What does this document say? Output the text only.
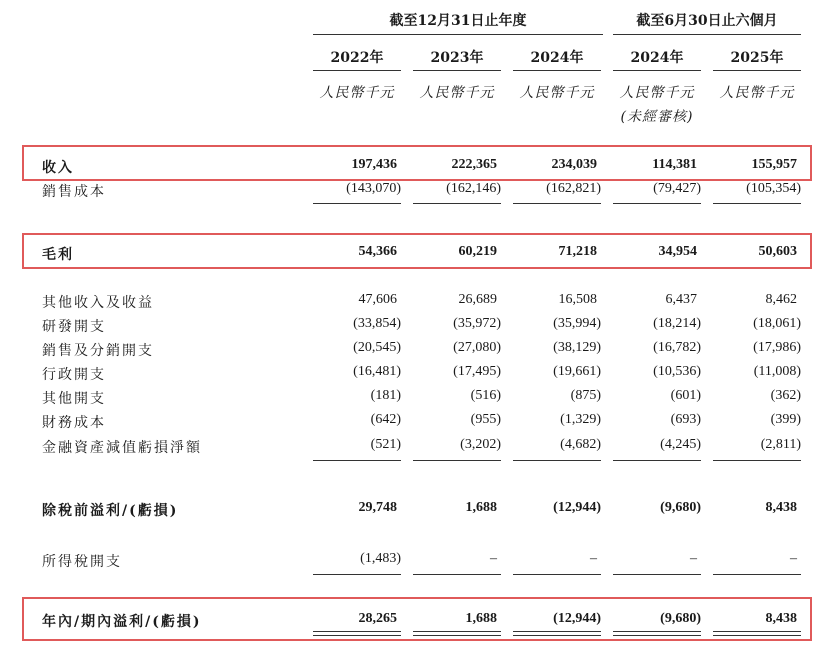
截至12月31日止年度	截至6月30日止六個月
2022年	2023年	2024年	2024年	2025年
人民幣千元	人民幣千元	人民幣千元	人民幣千元	人民幣千元
(未經審核)
收入	197,436	222,365	234,039	114,381	155,957
銷售成本	(143,070)	(162,146)	(162,821)	(79,427)	(105,354)
毛利	54,366	60,219	71,218	34,954	50,603
其他收入及收益	47,606	26,689	16,508	6,437	8,462
研發開支	(33,854)	(35,972)	(35,994)	(18,214)	(18,061)
銷售及分銷開支	(20,545)	(27,080)	(38,129)	(16,782)	(17,986)
行政開支	(16,481)	(17,495)	(19,661)	(10,536)	(11,008)
其他開支	(181)	(516)	(875)	(601)	(362)
財務成本	(642)	(955)	(1,329)	(693)	(399)
金融資產減值虧損淨額	(521)	(3,202)	(4,682)	(4,245)	(2,811)
除稅前溢利/(虧損)	29,748	1,688	(12,944)	(9,680)	8,438
所得稅開支	(1,483)	–	–	–	–
年內/期內溢利/(虧損)	28,265	1,688	(12,944)	(9,680)	8,438
